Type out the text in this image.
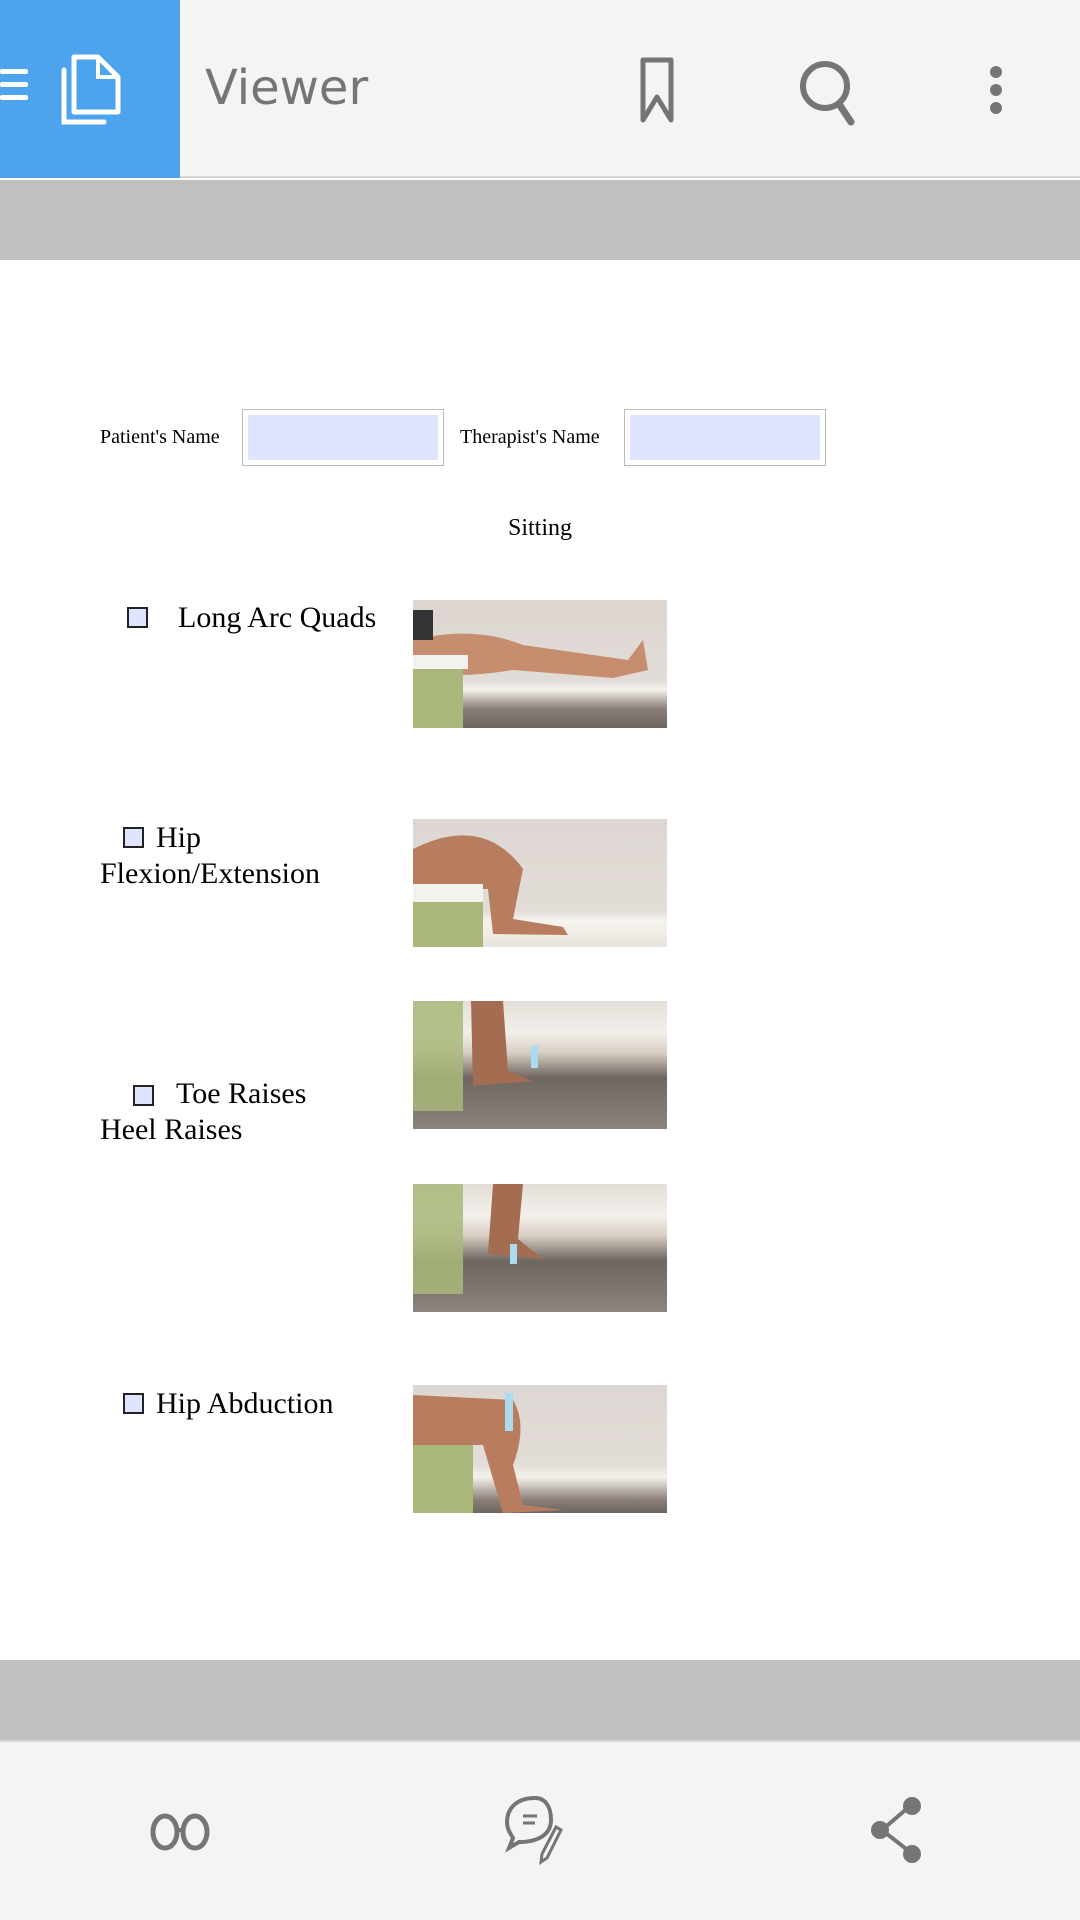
Viewer
Patient's Name	Therapist's Name
Sitting
Long Arc Quads
Hip
Flexion/Extension
Toe Raises
Heel Raises
Hip Abduction
